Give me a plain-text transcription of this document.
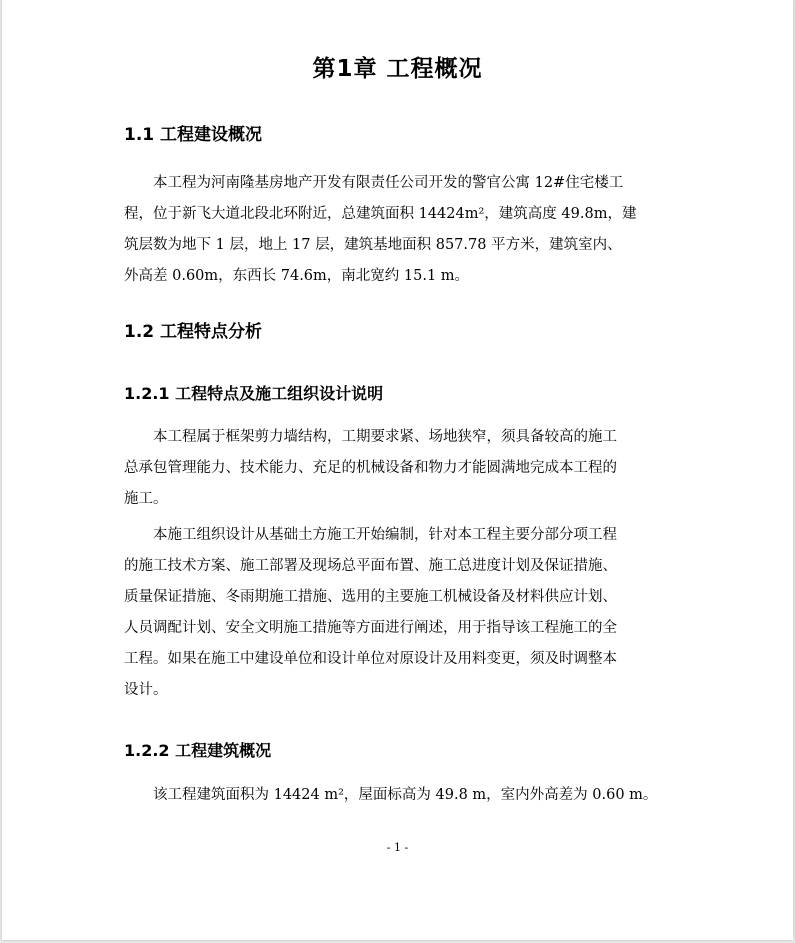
第1章 工程概况
1.1 工程建设概况
本工程为河南隆基房地产开发有限责任公司开发的警官公寓 12#住宅楼工
程，位于新飞大道北段北环附近，总建筑面积 14424m²，建筑高度 49.8m，建
筑层数为地下 1 层，地上 17 层，建筑基地面积 857.78 平方米，建筑室内、
外高差 0.60m，东西长 74.6m，南北宽约 15.1 m。
1.2 工程特点分析
1.2.1 工程特点及施工组织设计说明
本工程属于框架剪力墙结构，工期要求紧、场地狭窄，须具备较高的施工
总承包管理能力、技术能力、充足的机械设备和物力才能圆满地完成本工程的
施工。
本施工组织设计从基础土方施工开始编制，针对本工程主要分部分项工程
的施工技术方案、施工部署及现场总平面布置、施工总进度计划及保证措施、
质量保证措施、冬雨期施工措施、选用的主要施工机械设备及材料供应计划、
人员调配计划、安全文明施工措施等方面进行阐述，用于指导该工程施工的全
工程。如果在施工中建设单位和设计单位对原设计及用料变更，须及时调整本
设计。
1.2.2 工程建筑概况
该工程建筑面积为 14424 m²，屋面标高为 49.8 m，室内外高差为 0.60 m。
- 1 -
